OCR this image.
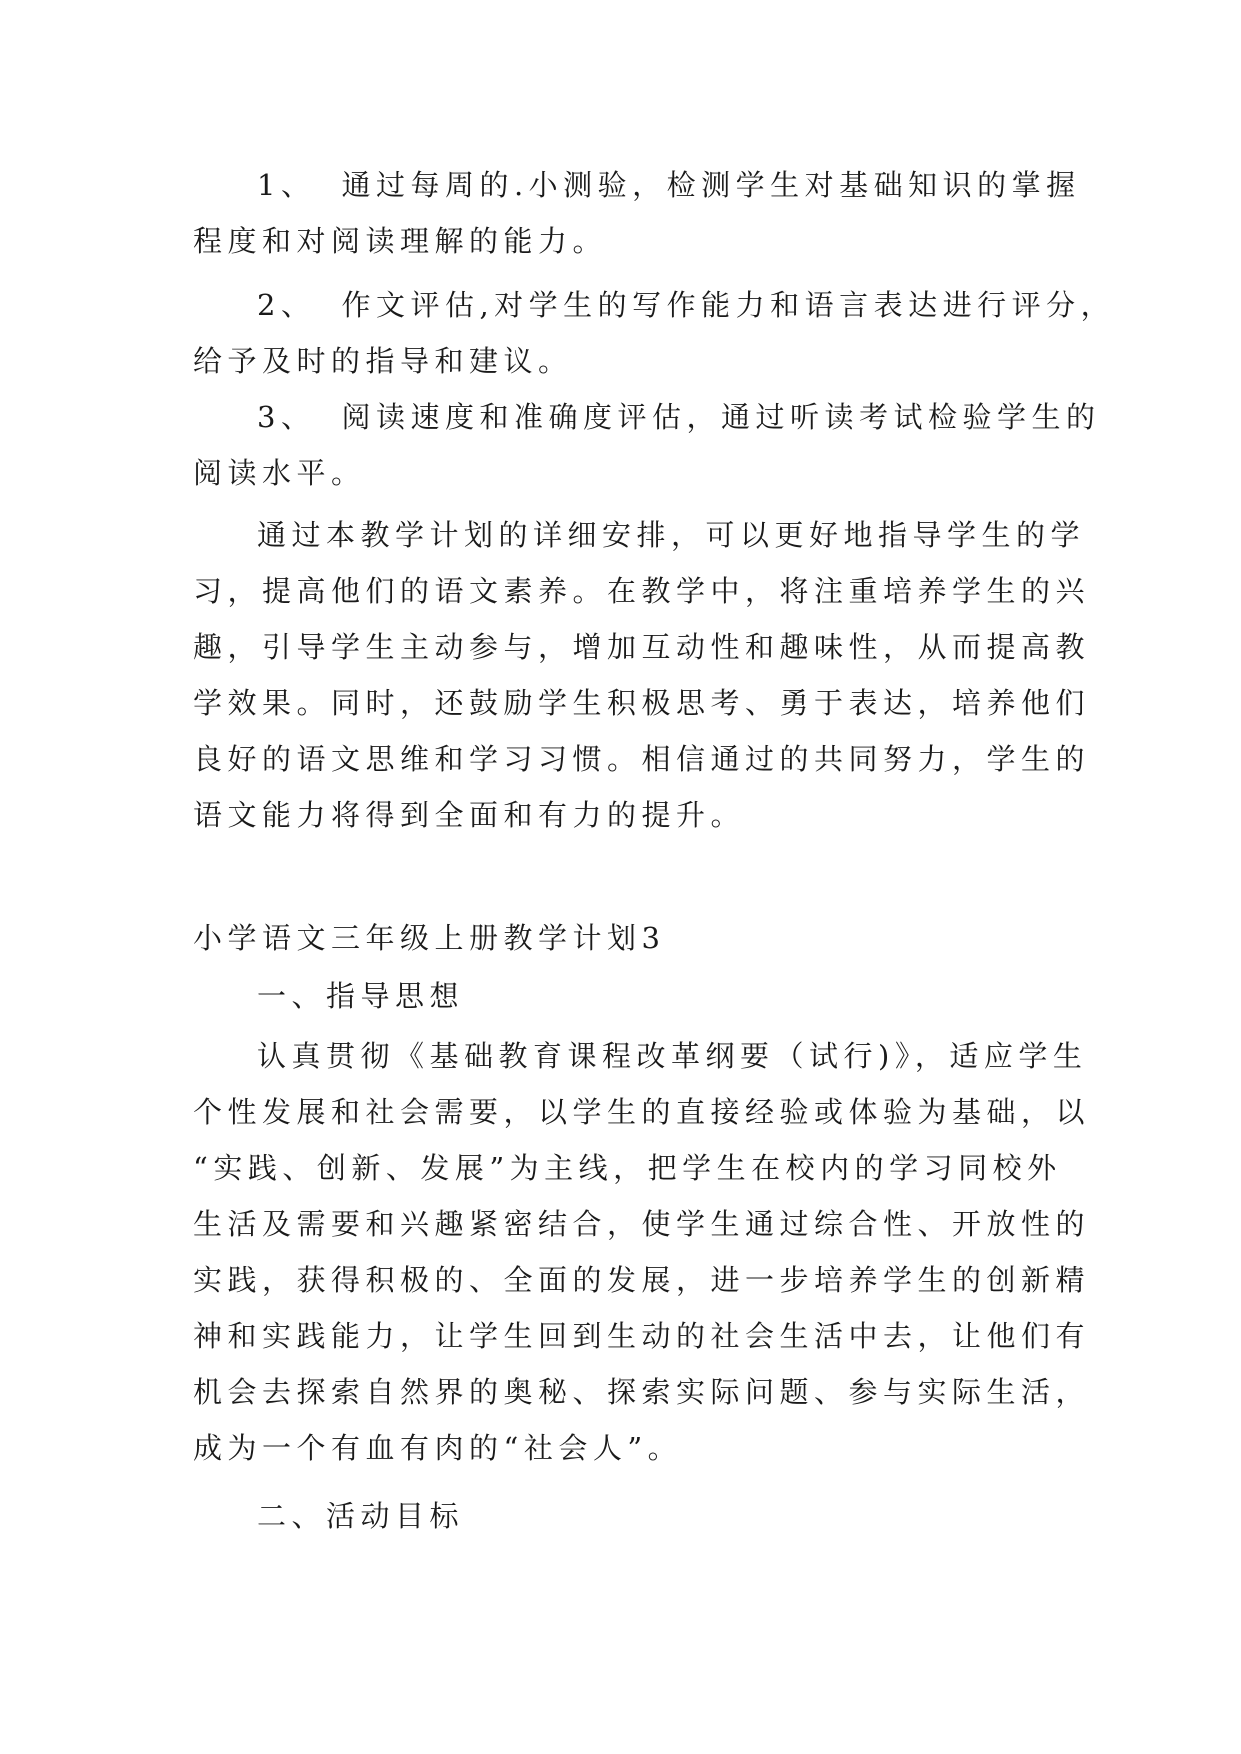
1、 通过每周的.小测验，检测学生对基础知识的掌握

程度和对阅读理解的能力。

2、 作文评估,对学生的写作能力和语言表达进行评分，

给予及时的指导和建议。

3、 阅读速度和准确度评估，通过听读考试检验学生的

阅读水平。

通过本教学计划的详细安排，可以更好地指导学生的学

习，提高他们的语文素养。在教学中，将注重培养学生的兴

趣，引导学生主动参与，增加互动性和趣味性，从而提高教

学效果。同时，还鼓励学生积极思考、勇于表达，培养他们

良好的语文思维和学习习惯。相信通过的共同努力，学生的

语文能力将得到全面和有力的提升。

小学语文三年级上册教学计划3

一、指导思想

认真贯彻《基础教育课程改革纲要（试行)》，适应学生

个性发展和社会需要，以学生的直接经验或体验为基础，以

“实践、创新、发展”为主线，把学生在校内的学习同校外

生活及需要和兴趣紧密结合，使学生通过综合性、开放性的

实践，获得积极的、全面的发展，进一步培养学生的创新精

神和实践能力，让学生回到生动的社会生活中去，让他们有

机会去探索自然界的奥秘、探索实际问题、参与实际生活，

成为一个有血有肉的“社会人”。

二、活动目标
